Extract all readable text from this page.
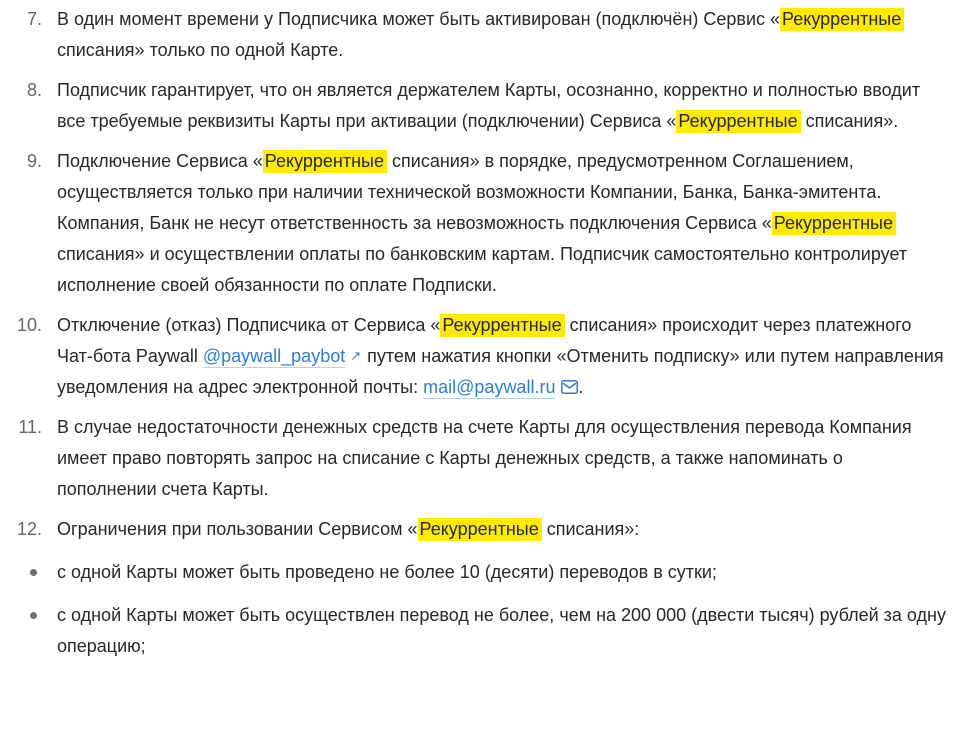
7. В один момент времени у Подписчика может быть активирован (подключён) Сервис « Рекуррентные списания» только по одной Карте.
8. Подписчик гарантирует, что он является держателем Карты, осознанно, корректно и полностью вводит все требуемые реквизиты Карты при активации (подключении) Сервиса « Рекуррентные списания».
9. Подключение Сервиса « Рекуррентные списания» в порядке, предусмотренном Соглашением, осуществляется только при наличии технической возможности Компании, Банка, Банка-эмитента. Компания, Банк не несут ответственность за невозможность подключения Сервиса « Рекуррентные списания» и осуществлении оплаты по банковским картам. Подписчик самостоятельно контролирует исполнение своей обязанности по оплате Подписки.
10. Отключение (отказ) Подписчика от Сервиса « Рекуррентные списания» происходит через платежного Чат-бота Paywall @paywall_paybot ↗ путем нажатия кнопки «Отменить подписку» или путем направления уведомления на адрес электронной почты: mail@paywall.ru .
11. В случае недостаточности денежных средств на счете Карты для осуществления перевода Компания имеет право повторять запрос на списание с Карты денежных средств, а также напоминать о пополнении счета Карты.
12. Ограничения при пользовании Сервисом « Рекуррентные списания»:
с одной Карты может быть проведено не более 10 (десяти) переводов в сутки;
с одной Карты может быть осуществлен перевод не более, чем на 200 000 (двести тысяч) рублей за одну операцию;
